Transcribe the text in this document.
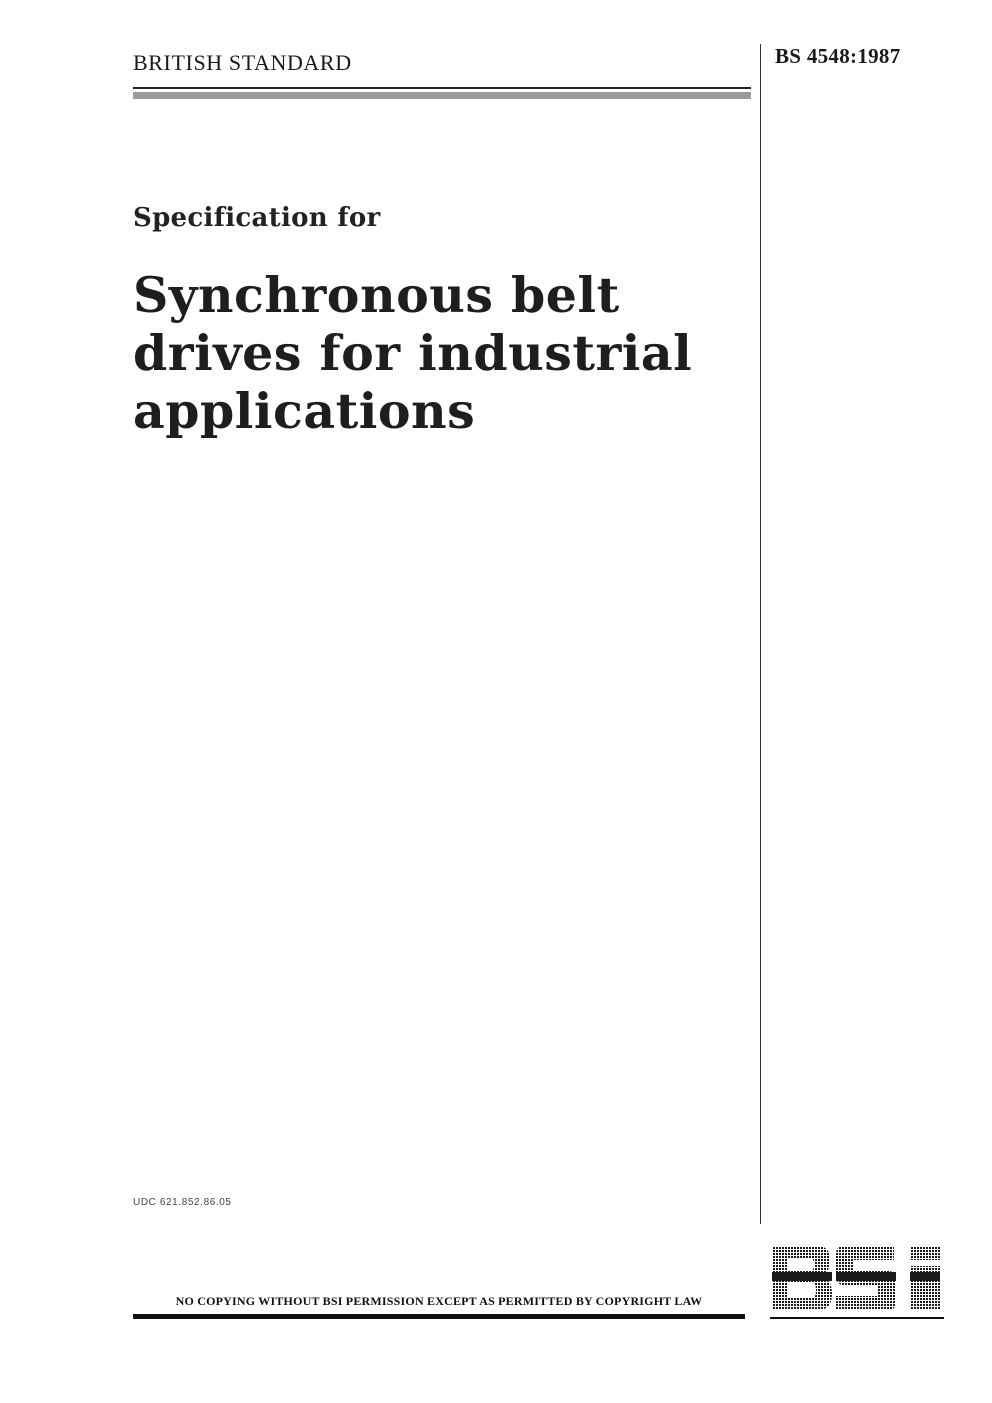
BRITISH STANDARD	BS 4548:1987
Specification for
Synchronous belt
drives for industrial
applications
UDC 621.852.86.05
NO COPYING WITHOUT BSI PERMISSION EXCEPT AS PERMITTED BY COPYRIGHT LAW
